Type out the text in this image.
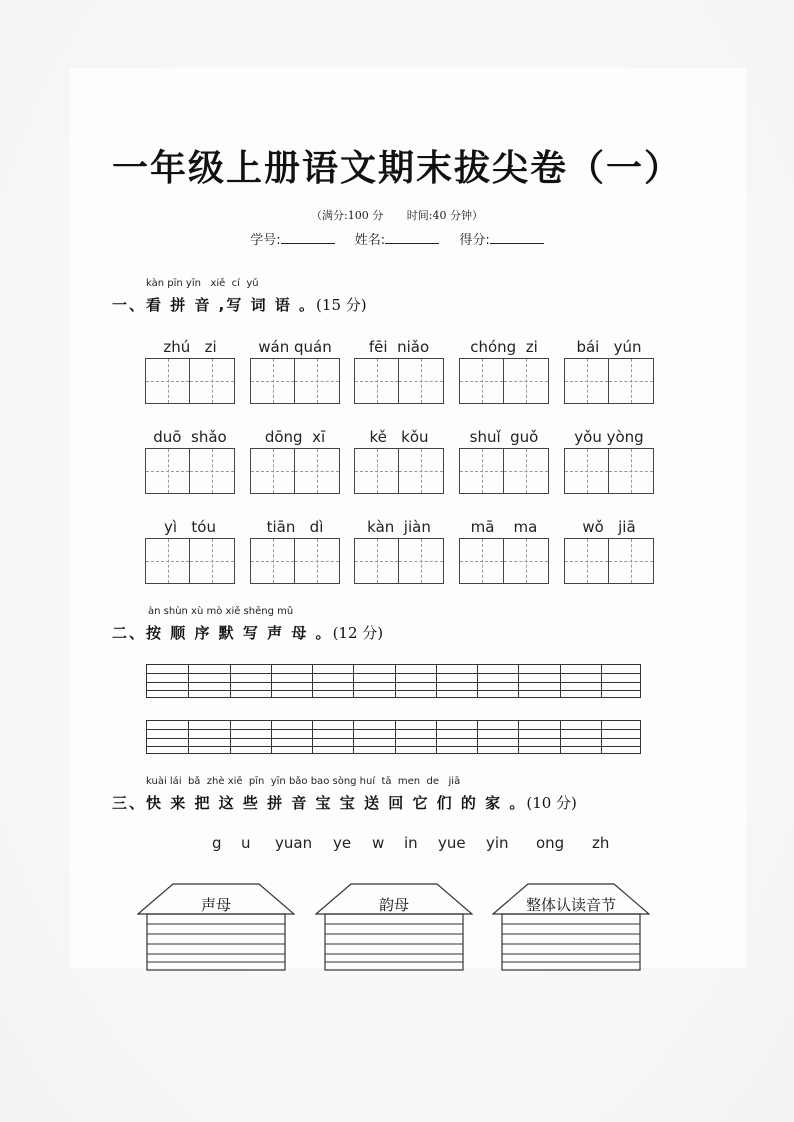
一年级上册语文期末拔尖卷（一）
（满分:100 分 时间:40 分钟）
学号:	姓名:	得分:
kàn pīn yīn   xiě  cí  yǔ
一、看 拼 音 ,写 词 语 。(15 分)
zhú   zi	wán quán	fēi  niǎo	chóng  zi	bái   yún
duō  shǎo	dōng  xī	kě   kǒu	shuǐ  guǒ	yǒu yòng
yì   tóu	tiān   dì	kàn  jiàn	mā    ma	wǒ   jiā
àn shùn xù mò xiě shēng mǔ
二、按 顺 序 默 写 声 母 。(12 分)
kuài lái  bǎ  zhè xiē  pīn  yīn bǎo bao sòng huí  tā  men  de   jiā
三、快 来 把 这 些 拼 音 宝 宝 送 回 它 们 的 家 。(10 分)
g u yuan ye w in yue yin ong zh
声母	韵母	整体认读音节
